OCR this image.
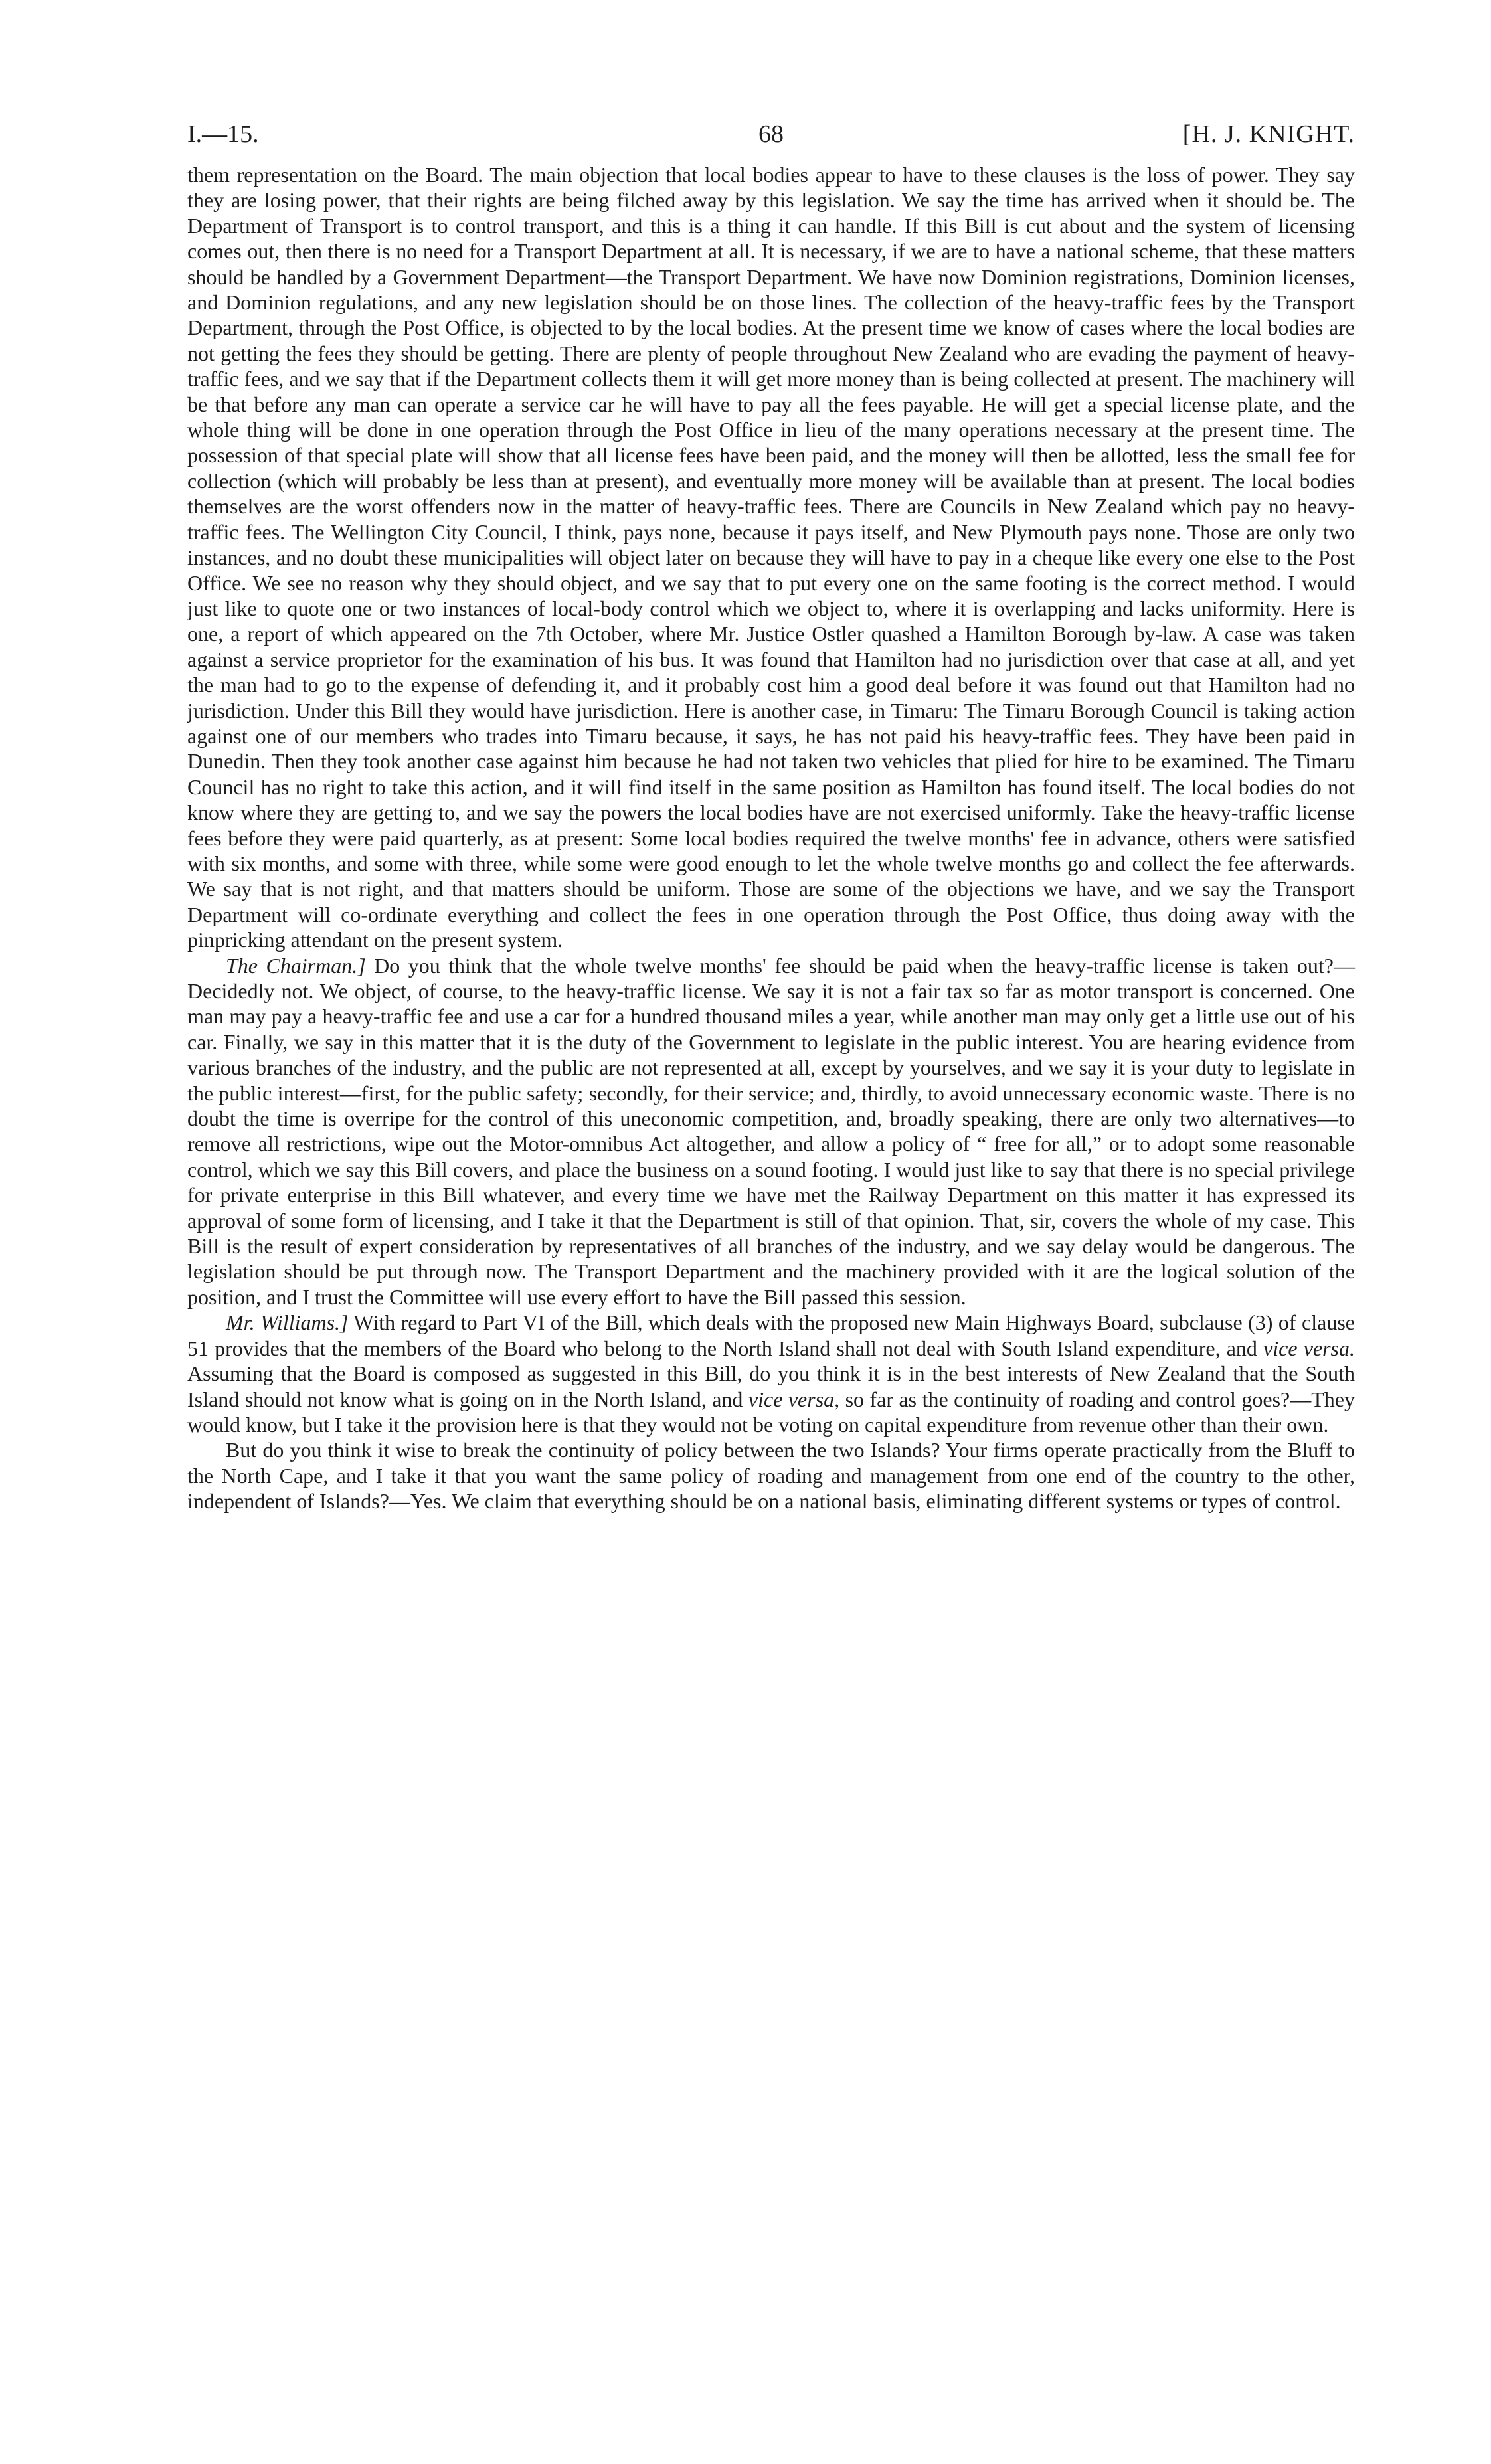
I.—15.	68	[H. J. KNIGHT.

them representation on the Board. The main objection that local bodies appear to have to these clauses is the loss of power. They say they are losing power, that their rights are being filched away by this legislation. We say the time has arrived when it should be. The Department of Transport is to control transport, and this is a thing it can handle. If this Bill is cut about and the system of licensing comes out, then there is no need for a Transport Department at all. It is necessary, if we are to have a national scheme, that these matters should be handled by a Government Department—the Transport Department. We have now Dominion registrations, Dominion licenses, and Dominion regulations, and any new legislation should be on those lines. The collection of the heavy-traffic fees by the Transport Department, through the Post Office, is objected to by the local bodies. At the present time we know of cases where the local bodies are not getting the fees they should be getting. There are plenty of people throughout New Zealand who are evading the payment of heavy-traffic fees, and we say that if the Department collects them it will get more money than is being collected at present. The machinery will be that before any man can operate a service car he will have to pay all the fees payable. He will get a special license plate, and the whole thing will be done in one operation through the Post Office in lieu of the many operations necessary at the present time. The possession of that special plate will show that all license fees have been paid, and the money will then be allotted, less the small fee for collection (which will probably be less than at present), and eventually more money will be available than at present. The local bodies themselves are the worst offenders now in the matter of heavy-traffic fees. There are Councils in New Zealand which pay no heavy-traffic fees. The Wellington City Council, I think, pays none, because it pays itself, and New Plymouth pays none. Those are only two instances, and no doubt these municipalities will object later on because they will have to pay in a cheque like every one else to the Post Office. We see no reason why they should object, and we say that to put every one on the same footing is the correct method. I would just like to quote one or two instances of local-body control which we object to, where it is overlapping and lacks uniformity. Here is one, a report of which appeared on the 7th October, where Mr. Justice Ostler quashed a Hamilton Borough by-law. A case was taken against a service proprietor for the examination of his bus. It was found that Hamilton had no jurisdiction over that case at all, and yet the man had to go to the expense of defending it, and it probably cost him a good deal before it was found out that Hamilton had no jurisdiction. Under this Bill they would have jurisdiction. Here is another case, in Timaru: The Timaru Borough Council is taking action against one of our members who trades into Timaru because, it says, he has not paid his heavy-traffic fees. They have been paid in Dunedin. Then they took another case against him because he had not taken two vehicles that plied for hire to be examined. The Timaru Council has no right to take this action, and it will find itself in the same position as Hamilton has found itself. The local bodies do not know where they are getting to, and we say the powers the local bodies have are not exercised uniformly. Take the heavy-traffic license fees before they were paid quarterly, as at present: Some local bodies required the twelve months' fee in advance, others were satisfied with six months, and some with three, while some were good enough to let the whole twelve months go and collect the fee afterwards. We say that is not right, and that matters should be uniform. Those are some of the objections we have, and we say the Transport Department will co-ordinate everything and collect the fees in one operation through the Post Office, thus doing away with the pinpricking attendant on the present system.

The Chairman.] Do you think that the whole twelve months' fee should be paid when the heavy-traffic license is taken out?—Decidedly not. We object, of course, to the heavy-traffic license. We say it is not a fair tax so far as motor transport is concerned. One man may pay a heavy-traffic fee and use a car for a hundred thousand miles a year, while another man may only get a little use out of his car. Finally, we say in this matter that it is the duty of the Government to legislate in the public interest. You are hearing evidence from various branches of the industry, and the public are not represented at all, except by yourselves, and we say it is your duty to legislate in the public interest—first, for the public safety; secondly, for their service; and, thirdly, to avoid unnecessary economic waste. There is no doubt the time is overripe for the control of this uneconomic competition, and, broadly speaking, there are only two alternatives—to remove all restrictions, wipe out the Motor-omnibus Act altogether, and allow a policy of “ free for all,” or to adopt some reasonable control, which we say this Bill covers, and place the business on a sound footing. I would just like to say that there is no special privilege for private enterprise in this Bill whatever, and every time we have met the Railway Department on this matter it has expressed its approval of some form of licensing, and I take it that the Department is still of that opinion. That, sir, covers the whole of my case. This Bill is the result of expert consideration by representatives of all branches of the industry, and we say delay would be dangerous. The legislation should be put through now. The Transport Department and the machinery provided with it are the logical solution of the position, and I trust the Committee will use every effort to have the Bill passed this session.

Mr. Williams.] With regard to Part VI of the Bill, which deals with the proposed new Main Highways Board, subclause (3) of clause 51 provides that the members of the Board who belong to the North Island shall not deal with South Island expenditure, and vice versa. Assuming that the Board is composed as suggested in this Bill, do you think it is in the best interests of New Zealand that the South Island should not know what is going on in the North Island, and vice versa, so far as the continuity of roading and control goes?—They would know, but I take it the provision here is that they would not be voting on capital expenditure from revenue other than their own.

But do you think it wise to break the continuity of policy between the two Islands? Your firms operate practically from the Bluff to the North Cape, and I take it that you want the same policy of roading and management from one end of the country to the other, independent of Islands?—Yes. We claim that everything should be on a national basis, eliminating different systems or types of control.
